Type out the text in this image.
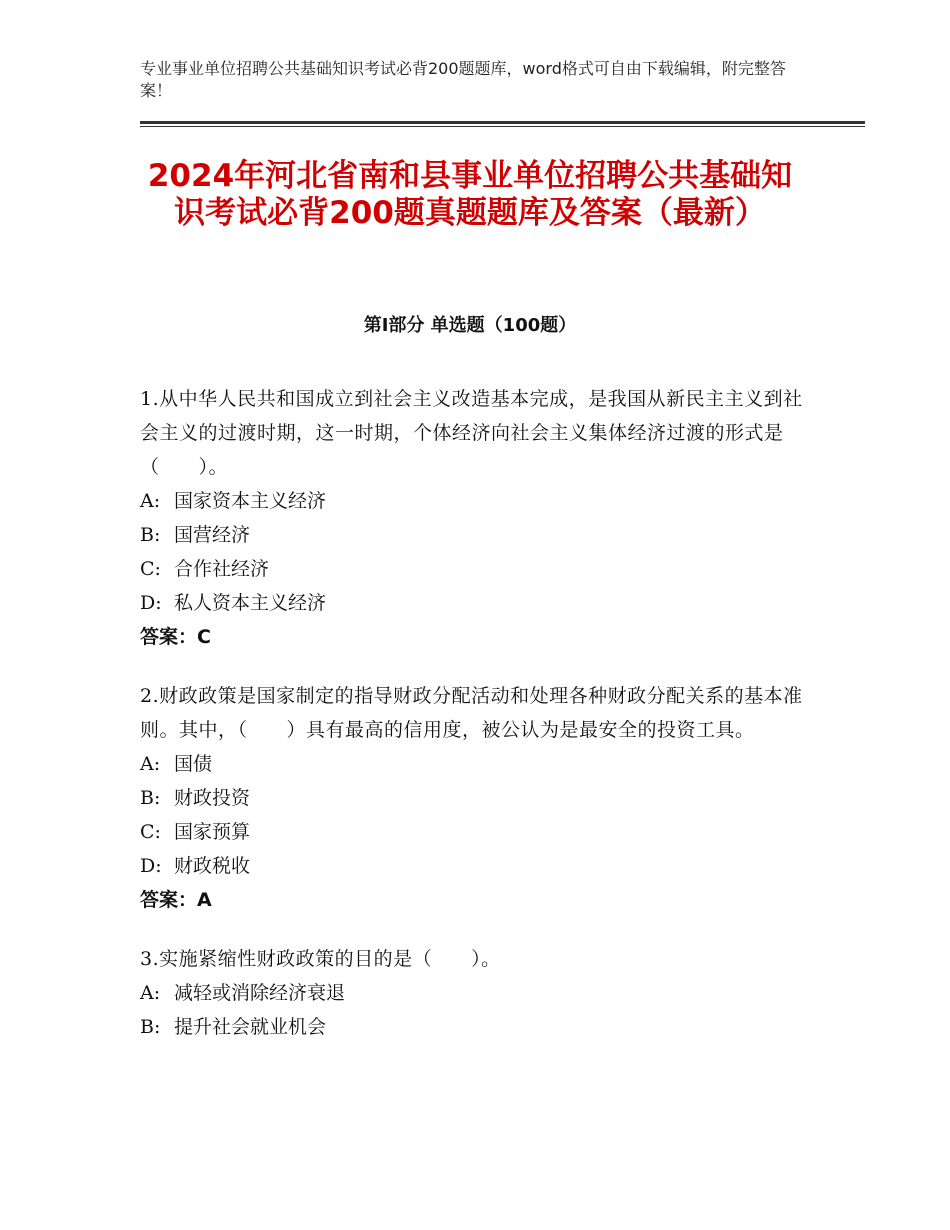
专业事业单位招聘公共基础知识考试必背200题题库，word格式可自由下载编辑，附完整答案！
2024年河北省南和县事业单位招聘公共基础知识考试必背200题真题题库及答案（最新）
第Ⅰ部分 单选题（100题）
1.从中华人民共和国成立到社会主义改造基本完成，是我国从新民主主义到社会主义的过渡时期，这一时期，个体经济向社会主义集体经济过渡的形式是（　　）。
A: 国家资本主义经济
B: 国营经济
C: 合作社经济
D: 私人资本主义经济
答案：C
2.财政政策是国家制定的指导财政分配活动和处理各种财政分配关系的基本准则。其中，（　　）具有最高的信用度，被公认为是最安全的投资工具。
A: 国债
B: 财政投资
C: 国家预算
D: 财政税收
答案：A
3.实施紧缩性财政政策的目的是（　　）。
A: 减轻或消除经济衰退
B: 提升社会就业机会
